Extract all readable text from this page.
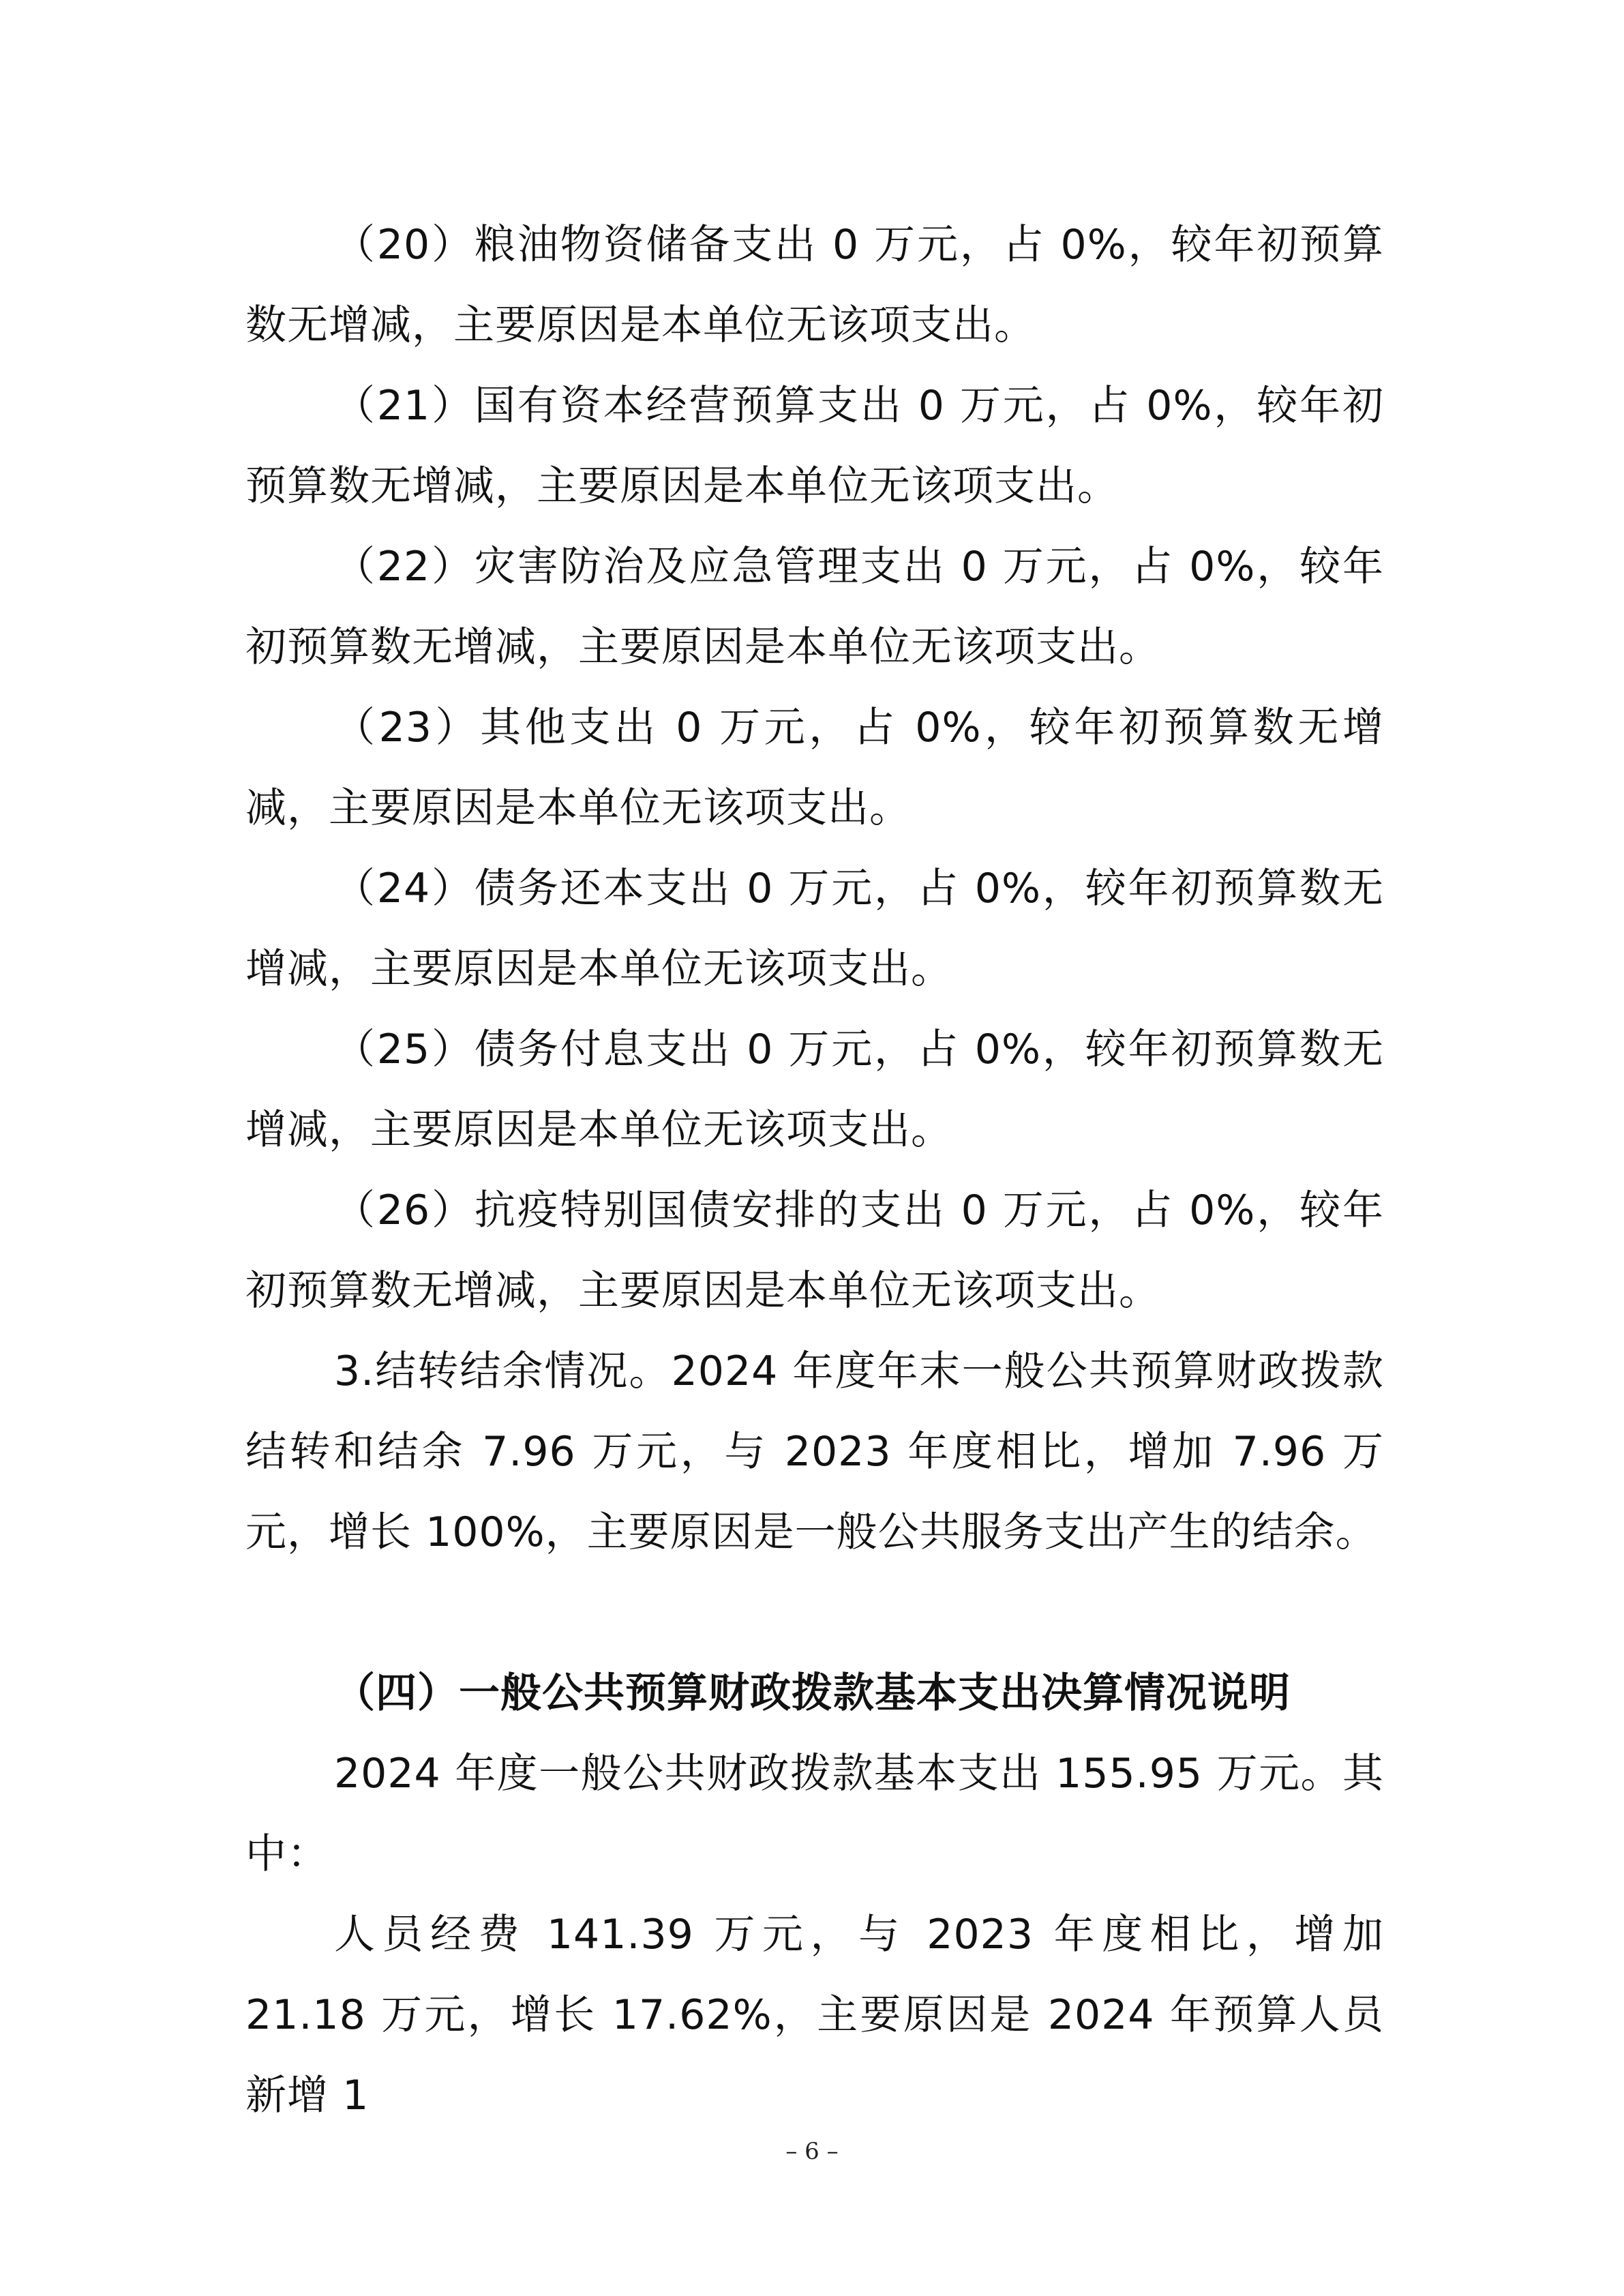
（20）粮油物资储备支出 0 万元，占 0%，较年初预算数无增减，主要原因是本单位无该项支出。

（21）国有资本经营预算支出 0 万元，占 0%，较年初预算数无增减，主要原因是本单位无该项支出。

（22）灾害防治及应急管理支出 0 万元，占 0%，较年初预算数无增减，主要原因是本单位无该项支出。

（23）其他支出 0 万元，占 0%，较年初预算数无增减，主要原因是本单位无该项支出。

（24）债务还本支出 0 万元，占 0%，较年初预算数无增减，主要原因是本单位无该项支出。

（25）债务付息支出 0 万元，占 0%，较年初预算数无增减，主要原因是本单位无该项支出。

（26）抗疫特别国债安排的支出 0 万元，占 0%，较年初预算数无增减，主要原因是本单位无该项支出。

3.结转结余情况。2024 年度年末一般公共预算财政拨款结转和结余 7.96 万元，与 2023 年度相比，增加 7.96 万元，增长 100%，主要原因是一般公共服务支出产生的结余。

（四）一般公共预算财政拨款基本支出决算情况说明

2024 年度一般公共财政拨款基本支出 155.95 万元。其中：

人员经费 141.39 万元，与 2023 年度相比，增加 21.18 万元，增长 17.62%，主要原因是 2024 年预算人员新增 1

– 6 –
